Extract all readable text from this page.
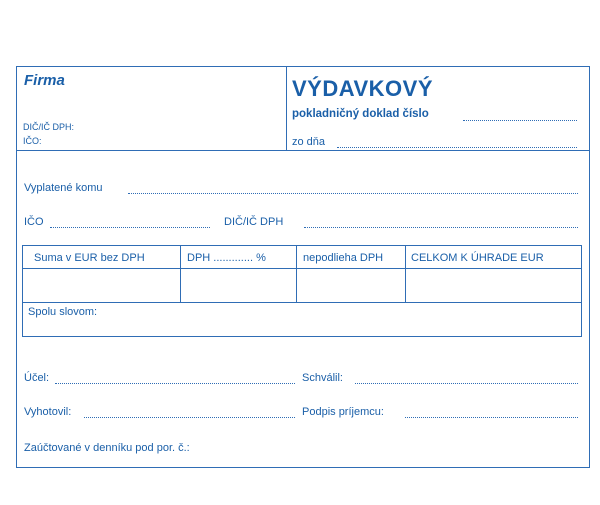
Firma
DIČ/IČ DPH:
IČO:
VÝDAVKOVÝ
pokladničný doklad číslo
zo dňa
Vyplatené komu
IČO	DIČ/IČ DPH
Suma v EUR bez DPH	DPH ............. %	nepodlieha DPH	CELKOM K ÚHRADE EUR
Spolu slovom:
Účel:	Schválil:
Vyhotovil:	Podpis príjemcu:
Zaúčtované v denníku pod por. č.:
